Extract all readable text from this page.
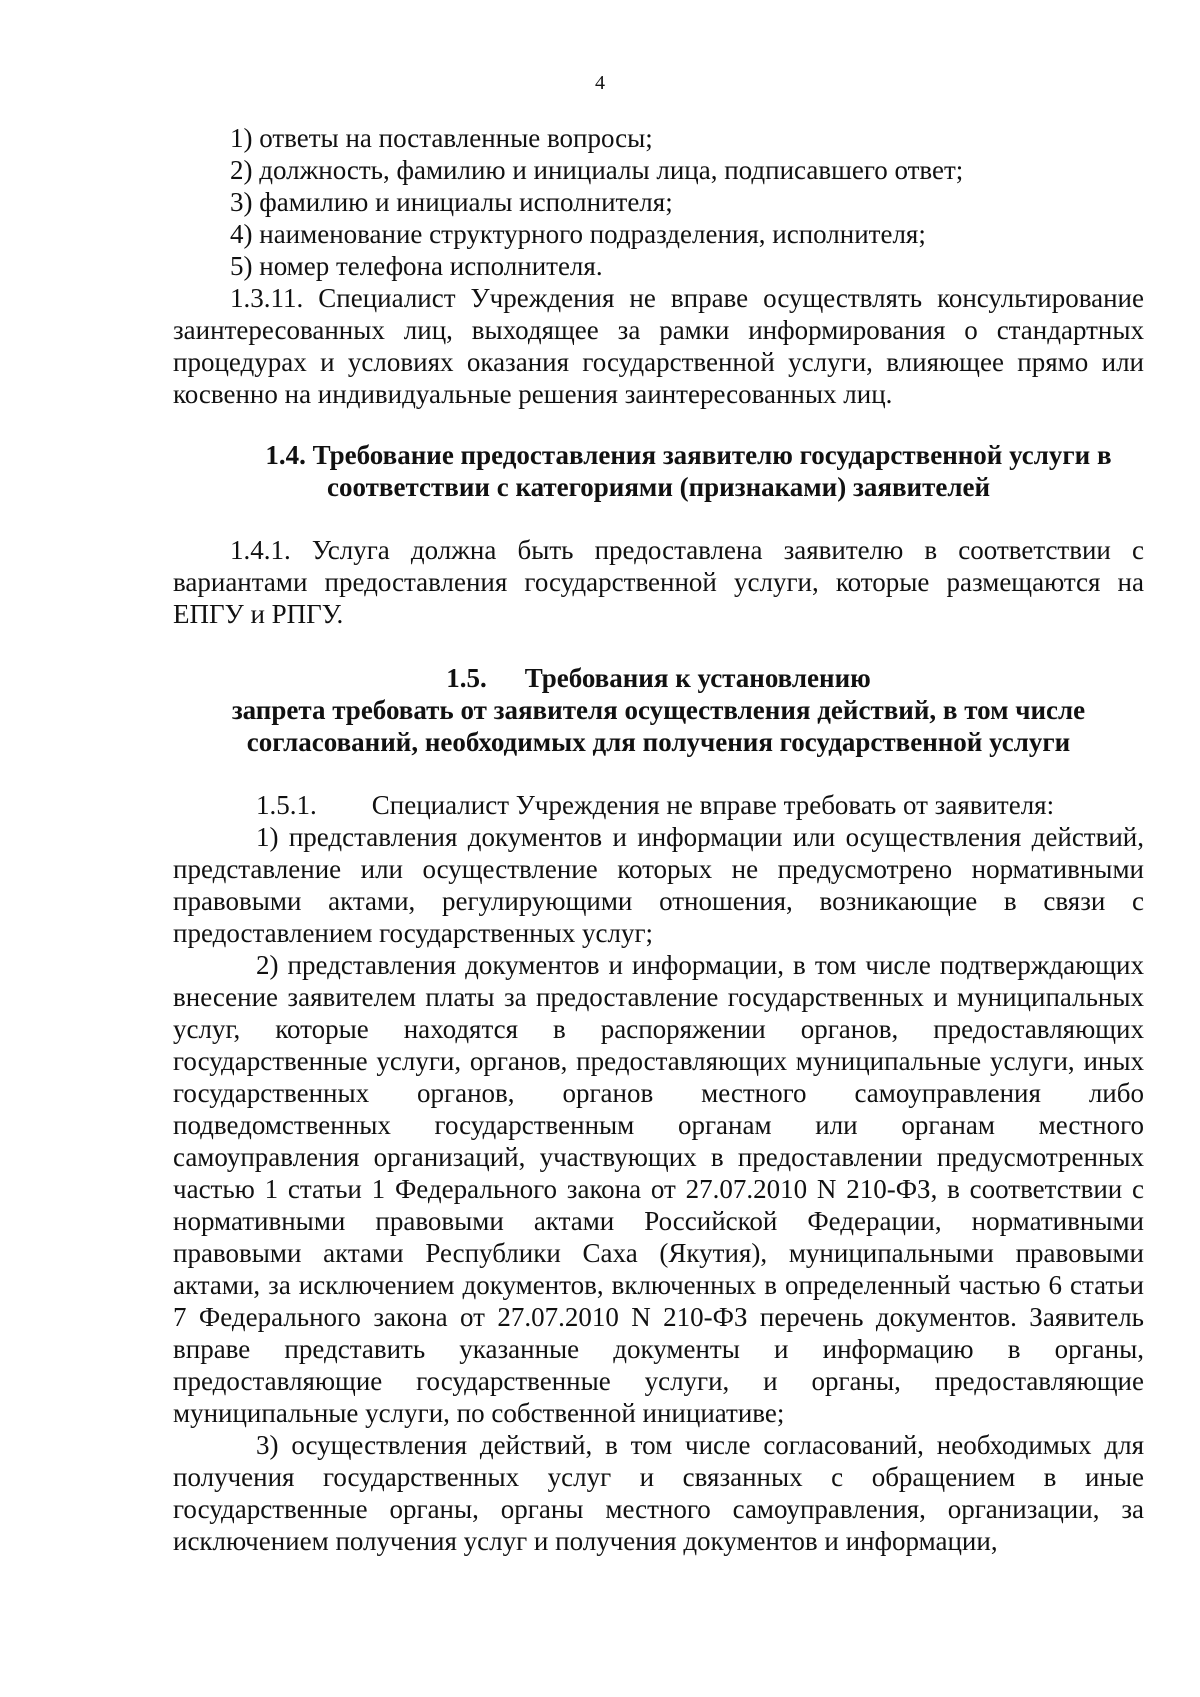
4

1) ответы на поставленные вопросы;

2) должность, фамилию и инициалы лица, подписавшего ответ;

3) фамилию и инициалы исполнителя;

4) наименование структурного подразделения, исполнителя;

5) номер телефона исполнителя.

1.3.11. Специалист Учреждения не вправе осуществлять консультирование заинтересованных лиц, выходящее за рамки информирования о стандартных процедурах и условиях оказания государственной услуги, влияющее прямо или косвенно на индивидуальные решения заинтересованных лиц.

1.4. Требование предоставления заявителю государственной услуги в
соответствии с категориями (признаками) заявителей

1.4.1. Услуга должна быть предоставлена заявителю в соответствии с вариантами предоставления государственной услуги, которые размещаются на ЕПГУ и РПГУ.

1.5. Требования к установлению
запрета требовать от заявителя осуществления действий, в том числе
согласований, необходимых для получения государственной услуги

1.5.1. Специалист Учреждения не вправе требовать от заявителя:

1) представления документов и информации или осуществления действий, представление или осуществление которых не предусмотрено нормативными правовыми актами, регулирующими отношения, возникающие в связи с предоставлением государственных услуг;

2) представления документов и информации, в том числе подтверждающих внесение заявителем платы за предоставление государственных и муниципальных услуг, которые находятся в распоряжении органов, предоставляющих государственные услуги, органов, предоставляющих муниципальные услуги, иных государственных органов, органов местного самоуправления либо подведомственных государственным органам или органам местного самоуправления организаций, участвующих в предоставлении предусмотренных частью 1 статьи 1 Федерального закона от 27.07.2010 N 210-ФЗ, в соответствии с нормативными правовыми актами Российской Федерации, нормативными правовыми актами Республики Саха (Якутия), муниципальными правовыми актами, за исключением документов, включенных в определенный частью 6 статьи 7 Федерального закона от 27.07.2010 N 210-ФЗ перечень документов. Заявитель вправе представить указанные документы и информацию в органы, предоставляющие государственные услуги, и органы, предоставляющие муниципальные услуги, по собственной инициативе;

3) осуществления действий, в том числе согласований, необходимых для получения государственных услуг и связанных с обращением в иные государственные органы, органы местного самоуправления, организации, за исключением получения услуг и получения документов и информации,
